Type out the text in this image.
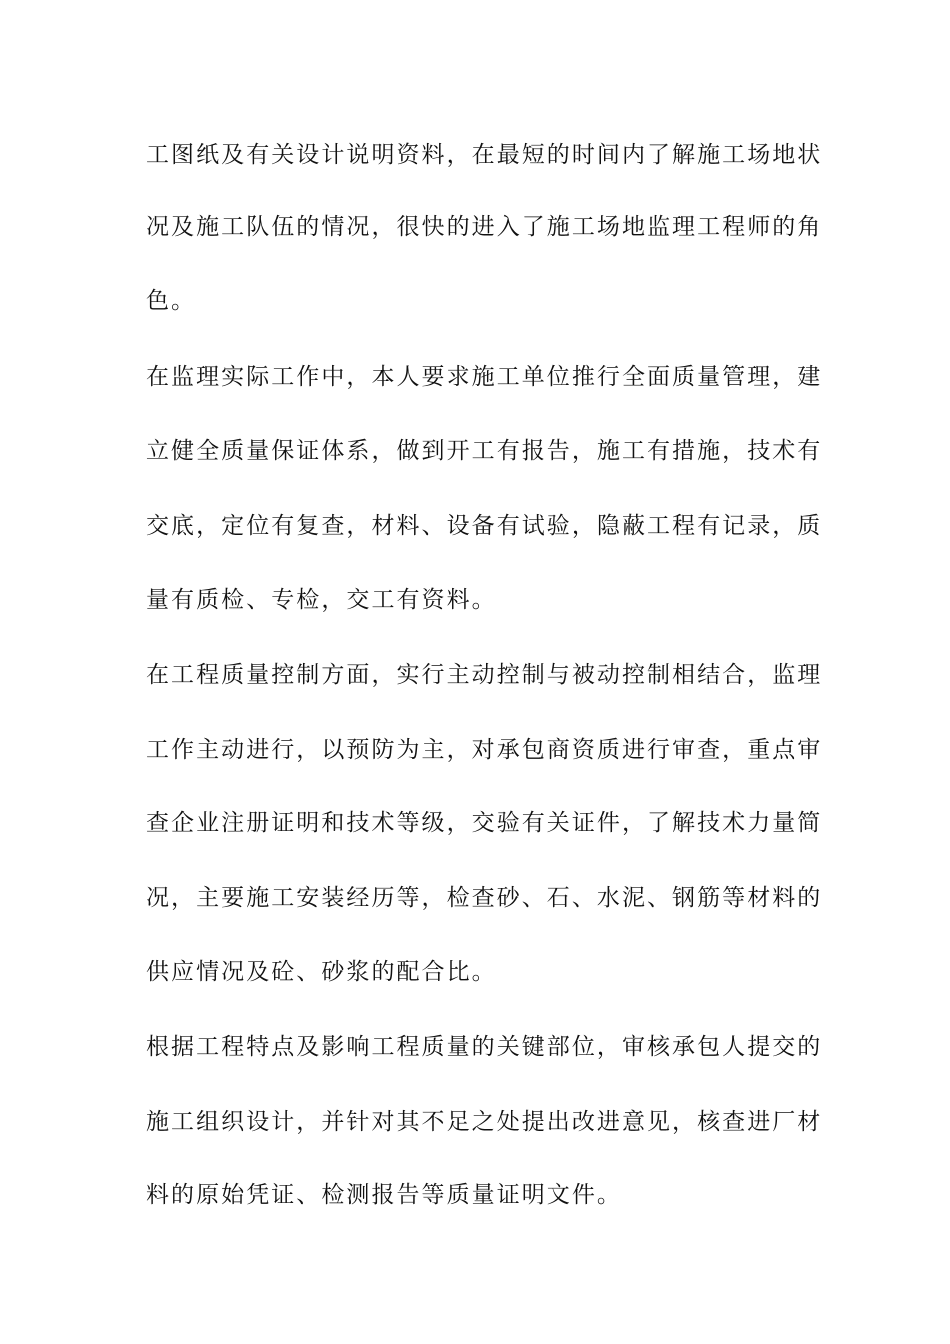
工图纸及有关设计说明资料，在最短的时间内了解施工场地状

况及施工队伍的情况，很快的进入了施工场地监理工程师的角

色。

在监理实际工作中，本人要求施工单位推行全面质量管理，建

立健全质量保证体系，做到开工有报告，施工有措施，技术有

交底，定位有复查，材料、设备有试验，隐蔽工程有记录，质

量有质检、专检，交工有资料。

在工程质量控制方面，实行主动控制与被动控制相结合，监理

工作主动进行，以预防为主，对承包商资质进行审查，重点审

查企业注册证明和技术等级，交验有关证件，了解技术力量简

况，主要施工安装经历等，检查砂、石、水泥、钢筋等材料的

供应情况及砼、砂浆的配合比。

根据工程特点及影响工程质量的关键部位，审核承包人提交的

施工组织设计，并针对其不足之处提出改进意见，核查进厂材

料的原始凭证、检测报告等质量证明文件。
